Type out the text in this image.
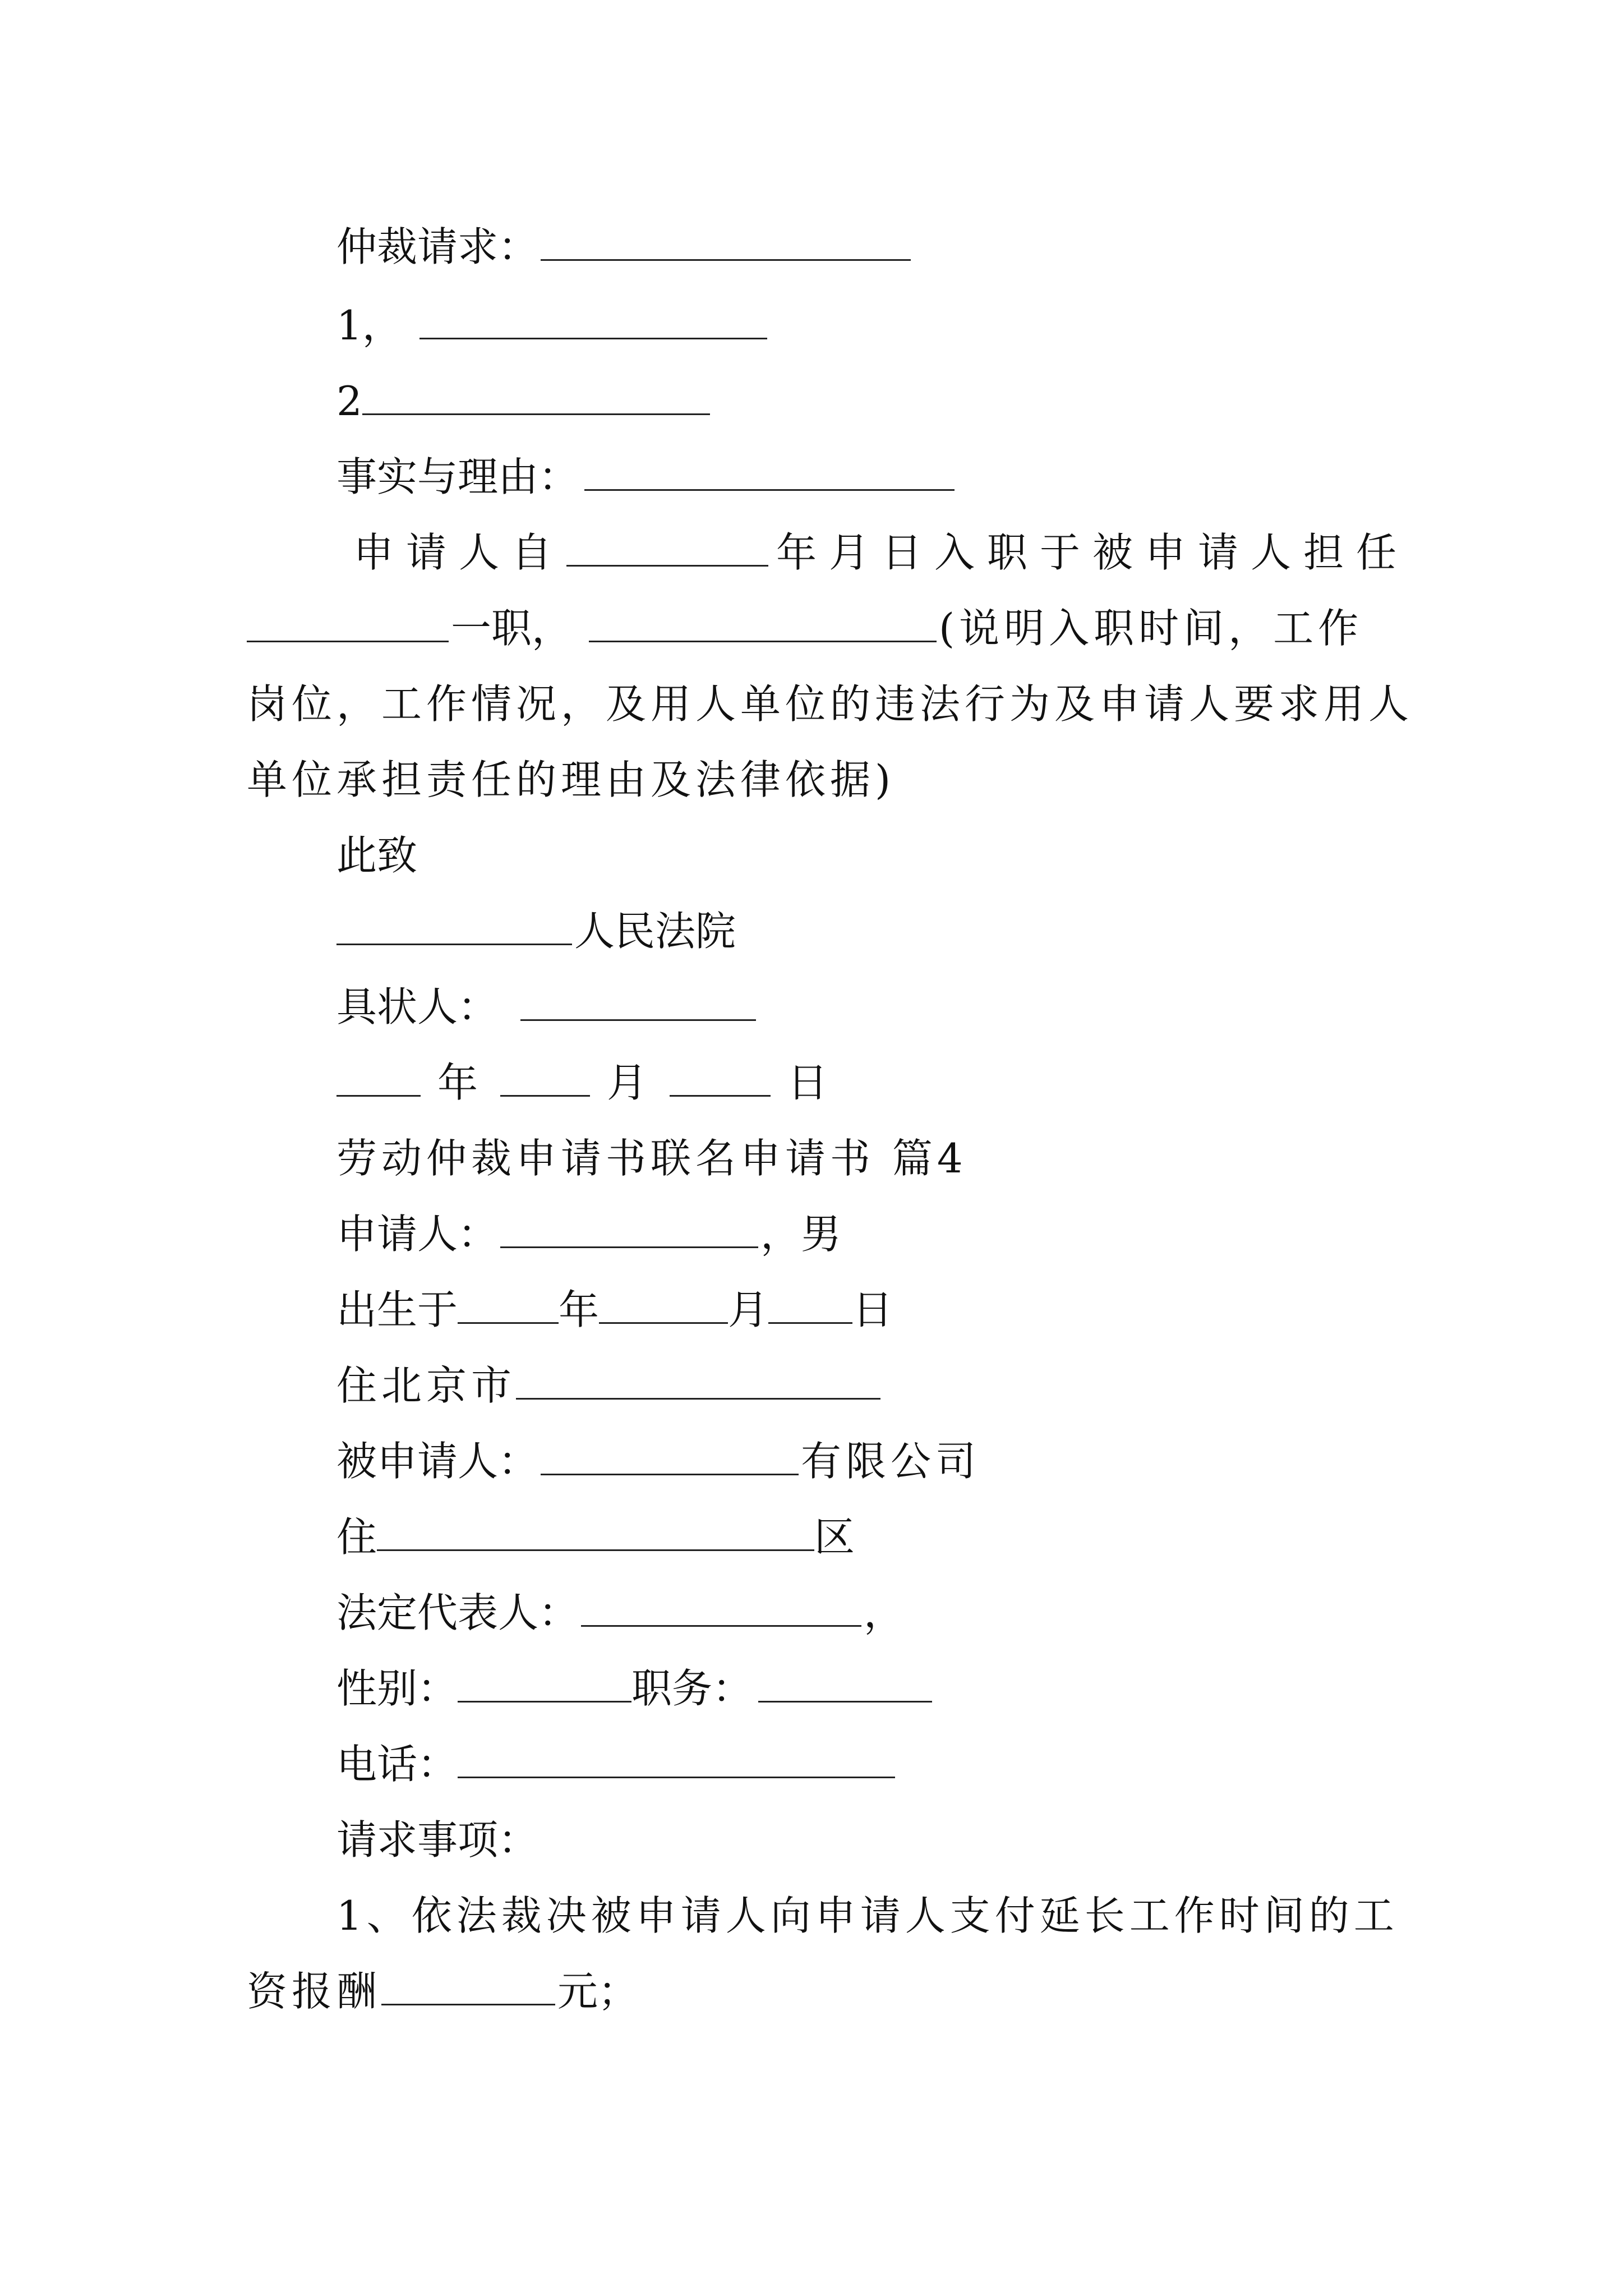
仲裁请求：
1，
2
事实与理由：
申请人自	年月日入职于被申请人担任
一职，	(说明入职时间，工作
岗位，工作情况，及用人单位的违法行为及申请人要求用人
单位承担责任的理由及法律依据)
此致
人民法院
具状人：
年	月	日
劳动仲裁申请书联名申请书 篇4
申请人：	，男
出生于	年	月 日
住北京市
被申请人：	有限公司
住	区
法定代表人：	，
性别：	职务：
电话：
请求事项：
1、依法裁决被申请人向申请人支付延长工作时间的工
资报酬	元；
